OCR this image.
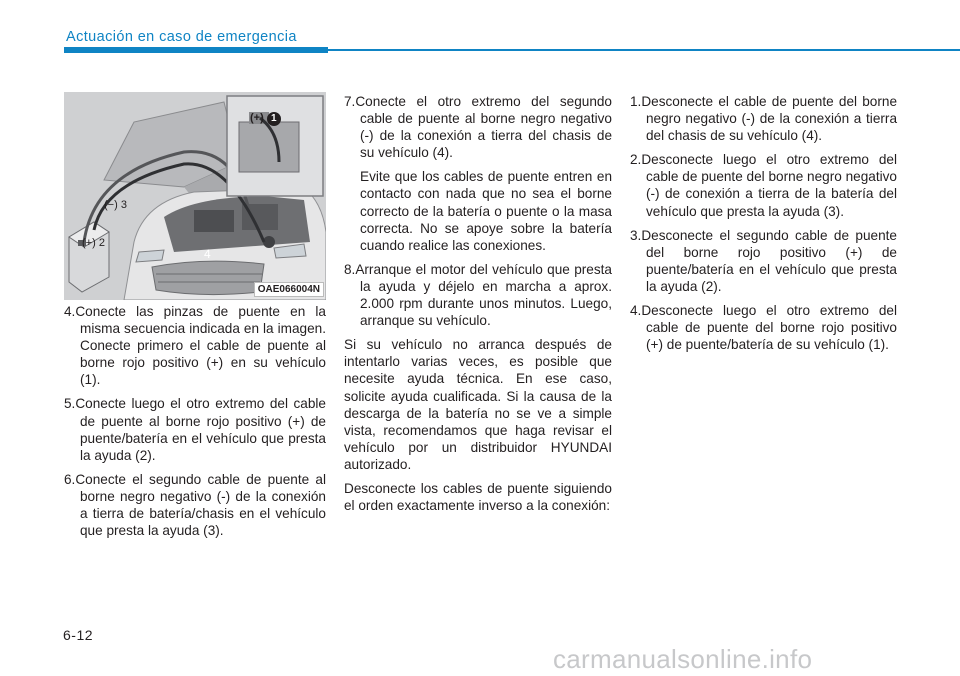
Actuación en caso de emergencia
(+) 1
(+) 2
(−) 3
4
OAE066004N

4.Conecte las pinzas de puente en la misma secuencia indicada en la imagen. Conecte primero el cable de puente al borne rojo positivo (+) en su vehículo (1).

5.Conecte luego el otro extremo del cable de puente al borne rojo positivo (+) de puente/batería en el vehículo que presta la ayuda (2).

6.Conecte el segundo cable de puente al borne negro negativo (-) de la conexión a tierra de batería/chasis en el vehículo que presta la ayuda (3).

7.Conecte el otro extremo del segundo cable de puente al borne negro negativo (-) de la conexión a tierra del chasis de su vehículo (4).

Evite que los cables de puente entren en contacto con nada que no sea el borne correcto de la batería o puente o la masa correcta. No se apoye sobre la batería cuando realice las conexiones.

8.Arranque el motor del vehículo que presta la ayuda y déjelo en marcha a aprox. 2.000 rpm durante unos minutos. Luego, arranque su vehículo.

Si su vehículo no arranca después de intentarlo varias veces, es posible que necesite ayuda técnica. En ese caso, solicite ayuda cualificada. Si la causa de la descarga de la batería no se ve a simple vista, recomendamos que haga revisar el vehículo por un distribuidor HYUNDAI autorizado.

Desconecte los cables de puente siguiendo el orden exactamente inverso a la conexión:

1.Desconecte el cable de puente del borne negro negativo (-) de la conexión a tierra del chasis de su vehículo (4).

2.Desconecte luego el otro extremo del cable de puente del borne negro negativo (-) de conexión a tierra de la batería del vehículo que presta la ayuda (3).

3.Desconecte el segundo cable de puente del borne rojo positivo (+) de puente/batería en el vehículo que presta la ayuda (2).

4.Desconecte luego el otro extremo del cable de puente del borne rojo positivo (+) de puente/batería de su vehículo (1).

6-12
carmanualsonline.info
